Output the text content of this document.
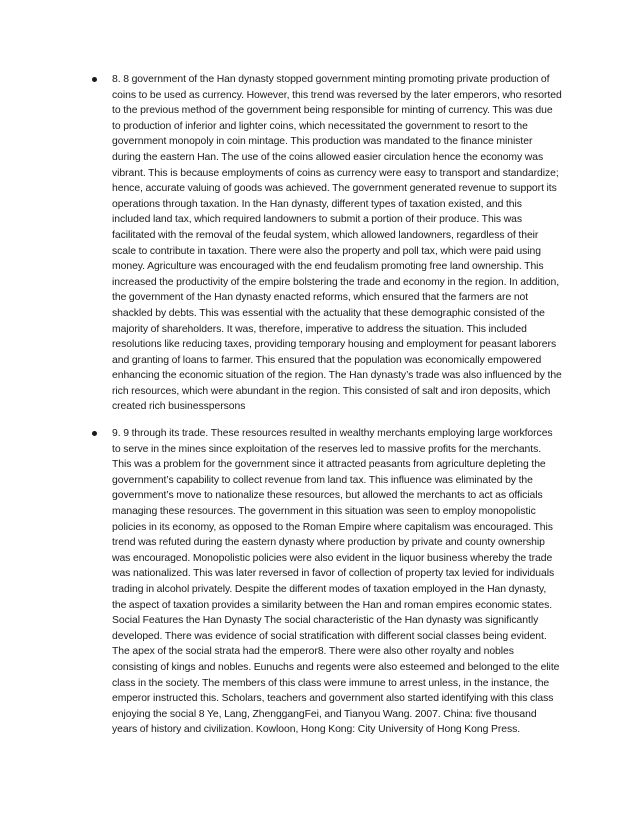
8. 8 government of the Han dynasty stopped government minting promoting private production of coins to be used as currency. However, this trend was reversed by the later emperors, who resorted to the previous method of the government being responsible for minting of currency. This was due to production of inferior and lighter coins, which necessitated the government to resort to the government monopoly in coin mintage. This production was mandated to the finance minister during the eastern Han. The use of the coins allowed easier circulation hence the economy was vibrant. This is because employments of coins as currency were easy to transport and standardize; hence, accurate valuing of goods was achieved. The government generated revenue to support its operations through taxation. In the Han dynasty, different types of taxation existed, and this included land tax, which required landowners to submit a portion of their produce. This was facilitated with the removal of the feudal system, which allowed landowners, regardless of their scale to contribute in taxation. There were also the property and poll tax, which were paid using money. Agriculture was encouraged with the end feudalism promoting free land ownership. This increased the productivity of the empire bolstering the trade and economy in the region. In addition, the government of the Han dynasty enacted reforms, which ensured that the farmers are not shackled by debts. This was essential with the actuality that these demographic consisted of the majority of shareholders. It was, therefore, imperative to address the situation. This included resolutions like reducing taxes, providing temporary housing and employment for peasant laborers and granting of loans to farmer. This ensured that the population was economically empowered enhancing the economic situation of the region. The Han dynasty’s trade was also influenced by the rich resources, which were abundant in the region. This consisted of salt and iron deposits, which created rich businesspersons

9. 9 through its trade. These resources resulted in wealthy merchants employing large workforces to serve in the mines since exploitation of the reserves led to massive profits for the merchants. This was a problem for the government since it attracted peasants from agriculture depleting the government’s capability to collect revenue from land tax. This influence was eliminated by the government’s move to nationalize these resources, but allowed the merchants to act as officials managing these resources. The government in this situation was seen to employ monopolistic policies in its economy, as opposed to the Roman Empire where capitalism was encouraged. This trend was refuted during the eastern dynasty where production by private and county ownership was encouraged. Monopolistic policies were also evident in the liquor business whereby the trade was nationalized. This was later reversed in favor of collection of property tax levied for individuals trading in alcohol privately. Despite the different modes of taxation employed in the Han dynasty, the aspect of taxation provides a similarity between the Han and roman empires economic states. Social Features the Han Dynasty The social characteristic of the Han dynasty was significantly developed. There was evidence of social stratification with different social classes being evident. The apex of the social strata had the emperor8. There were also other royalty and nobles consisting of kings and nobles. Eunuchs and regents were also esteemed and belonged to the elite class in the society. The members of this class were immune to arrest unless, in the instance, the emperor instructed this. Scholars, teachers and government also started identifying with this class enjoying the social 8 Ye, Lang, ZhenggangFei, and Tianyou Wang. 2007. China: five thousand years of history and civilization. Kowloon, Hong Kong: City University of Hong Kong Press.
